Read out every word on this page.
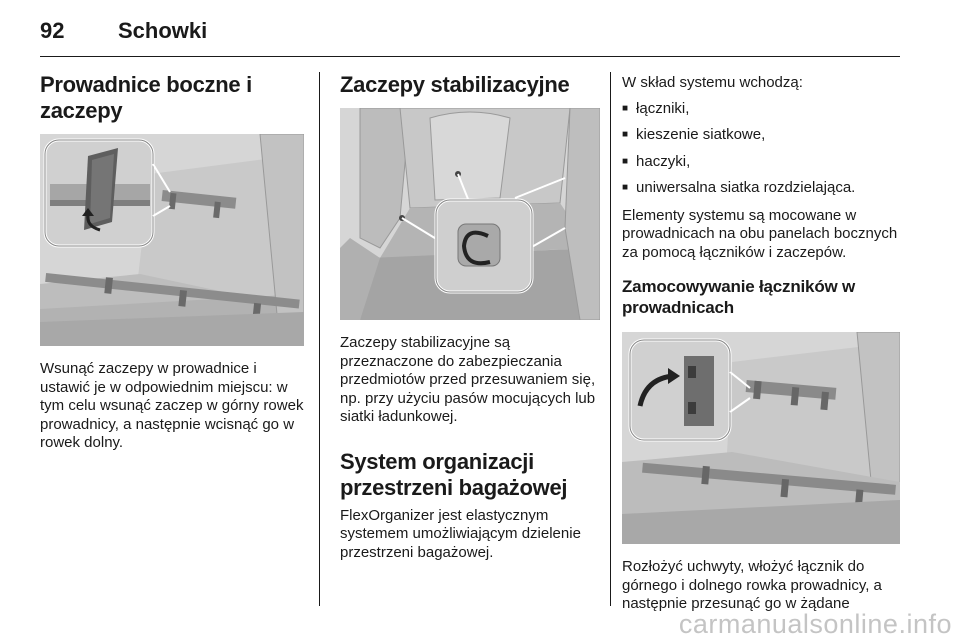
92 Schowki
Prowadnice boczne i zaczepy

Wsunąć zaczepy w prowadnice i ustawić je w odpowiednim miejscu: w tym celu wsunąć zaczep w górny rowek prowadnicy, a następnie wcisnąć go w rowek dolny.

Zaczepy stabilizacyjne

Zaczepy stabilizacyjne są przeznaczone do zabezpieczania przedmiotów przed przesuwaniem się, np. przy użyciu pasów mocujących lub siatki ładunkowej.

System organizacji przestrzeni bagażowej

FlexOrganizer jest elastycznym systemem umożliwiającym dzielenie przestrzeni bagażowej.

W skład systemu wchodzą:

■ łączniki,
■ kieszenie siatkowe,
■ haczyki,
■ uniwersalna siatka rozdzielająca.

Elementy systemu są mocowane w prowadnicach na obu panelach bocznych za pomocą łączników i zaczepów.

Zamocowywanie łączników w prowadnicach

Rozłożyć uchwyty, włożyć łącznik do górnego i dolnego rowka prowadnicy, a następnie przesunąć go w żądane

carmanualsonline.info
